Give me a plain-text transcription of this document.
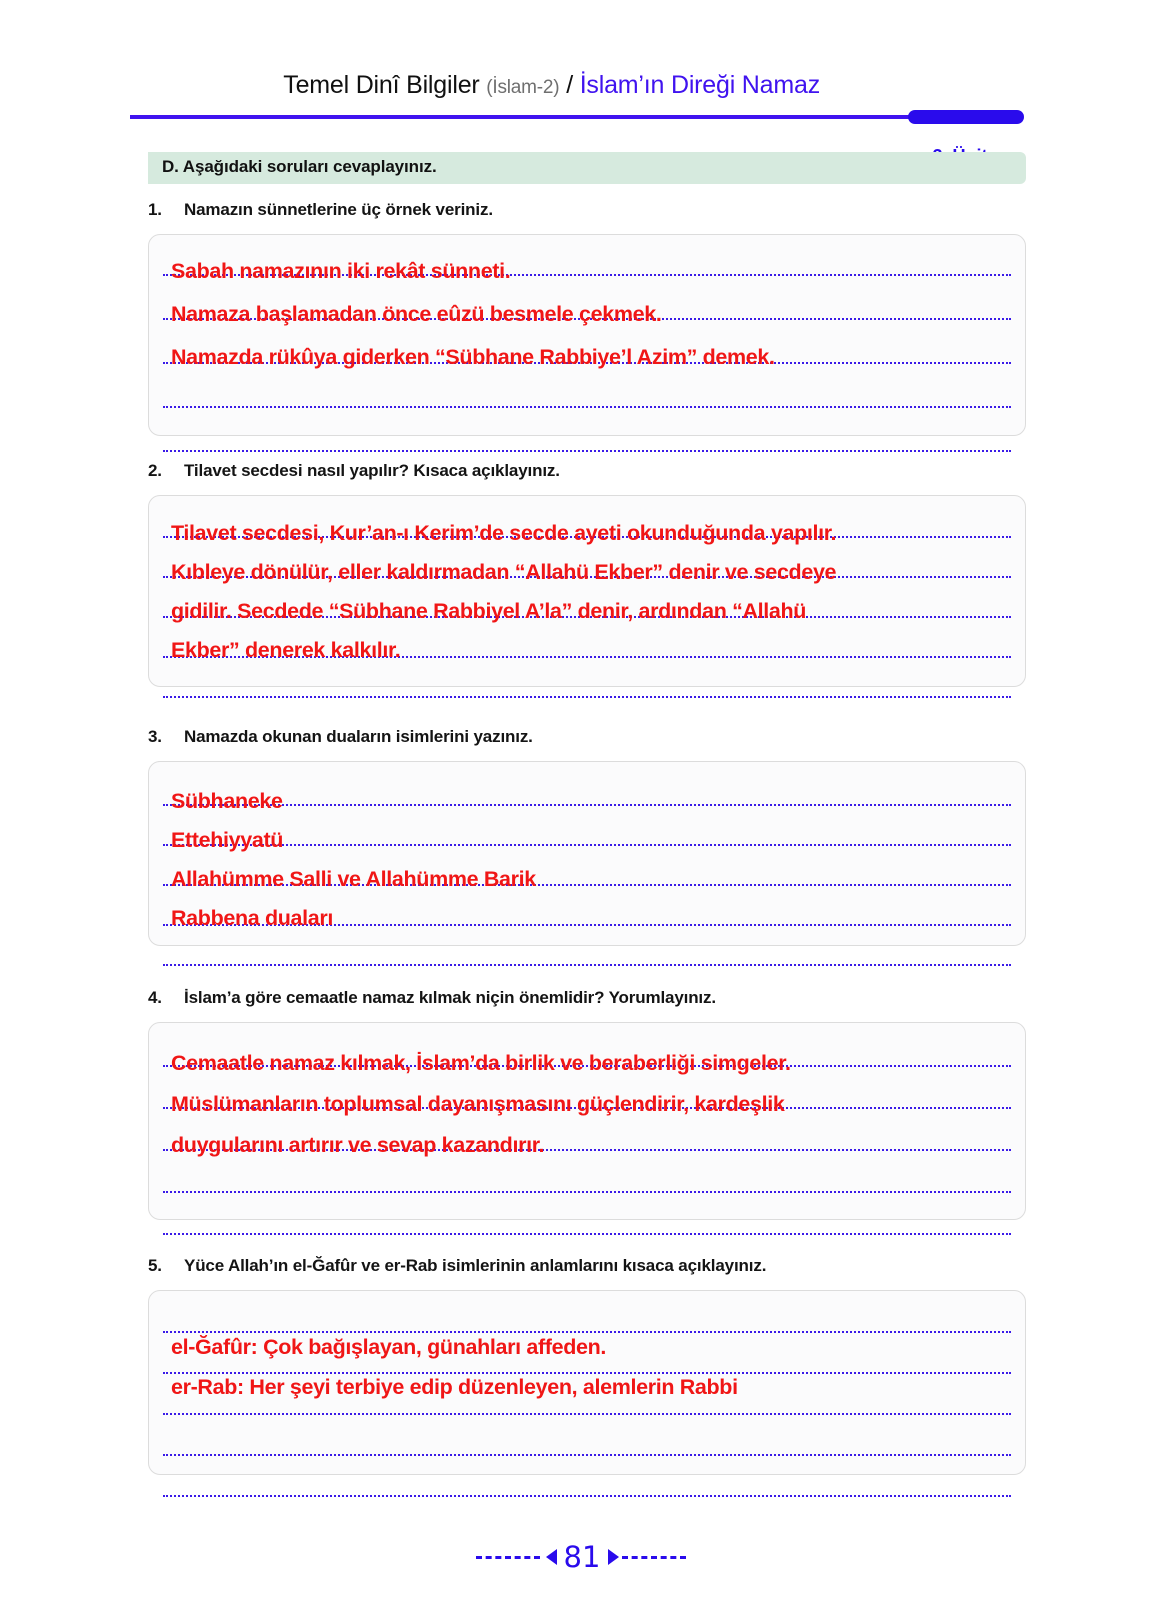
Temel Dinî Bilgiler (İslam-2) / İslam’ın Direği Namaz
D. Aşağıdaki soruları cevaplayınız.
1. Namazın sünnetlerine üç örnek veriniz.
Sabah namazının iki rekât sünneti.
Namaza başlamadan önce eûzü besmele çekmek.
Namazda rükûya giderken “Sübhane Rabbiye’l Azim” demek.
2. Tilavet secdesi nasıl yapılır? Kısaca açıklayınız.
Tilavet secdesi, Kur’an-ı Kerim’de secde ayeti okunduğunda yapılır.
Kıbleye dönülür, eller kaldırmadan “Allahü Ekber” denir ve secdeye
gidilir. Secdede “Sübhane Rabbiyel A’la” denir, ardından “Allahü
Ekber” denerek kalkılır.
3. Namazda okunan duaların isimlerini yazınız.
Sübhaneke
Ettehiyyatü
Allahümme Salli ve Allahümme Barik
Rabbena duaları
4. İslam’a göre cemaatle namaz kılmak niçin önemlidir? Yorumlayınız.
Cemaatle namaz kılmak, İslam’da birlik ve beraberliği simgeler.
Müslümanların toplumsal dayanışmasını güçlendirir, kardeşlik
duygularını artırır ve sevap kazandırır.
5. Yüce Allah’ın el-Ğafûr ve er-Rab isimlerinin anlamlarını kısaca açıklayınız.
el-Ğafûr: Çok bağışlayan, günahları affeden.
er-Rab: Her şeyi terbiye edip düzenleyen, alemlerin Rabbi
81
